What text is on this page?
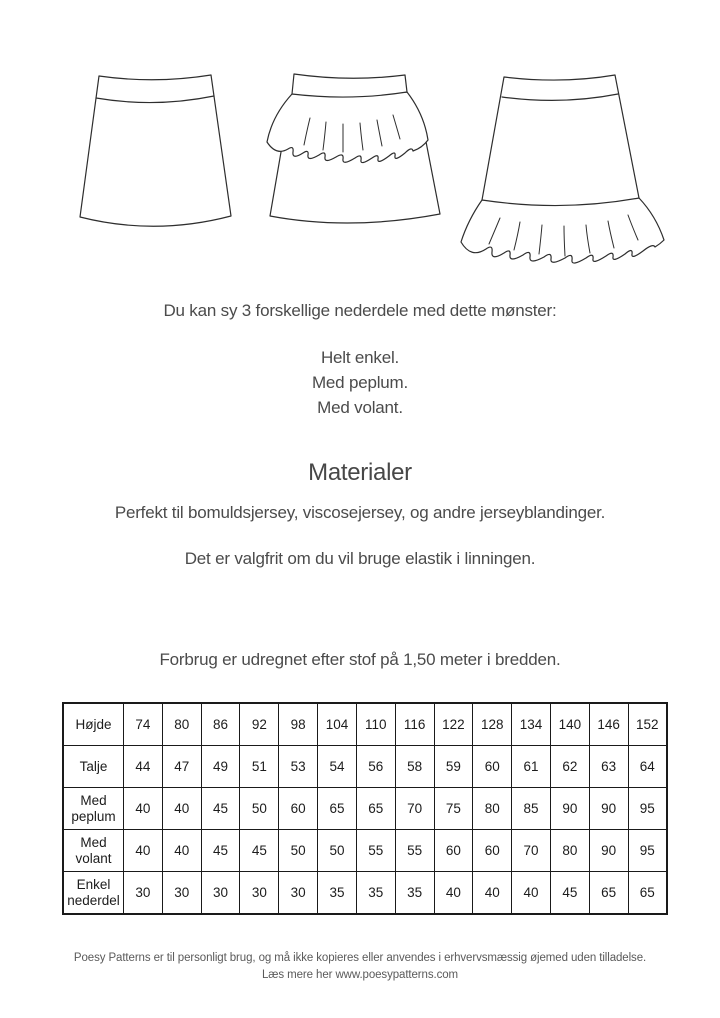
Du kan sy 3 forskellige nederdele med dette mønster:
Helt enkel.
Med peplum.
Med volant.
Materialer
Perfekt til bomuldsjersey, viscosejersey, og andre jerseyblandinger.
Det er valgfrit om du vil bruge elastik i linningen.
Forbrug er udregnet efter stof på 1,50 meter i bredden.
Højde	74	80	86	92	98	104	110	116	122	128	134	140	146	152
Talje	44	47	49	51	53	54	56	58	59	60	61	62	63	64
Med peplum	40	40	45	50	60	65	65	70	75	80	85	90	90	95
Med volant	40	40	45	45	50	50	55	55	60	60	70	80	90	95
Enkel nederdel	30	30	30	30	30	35	35	35	40	40	40	45	65	65
Poesy Patterns er til personligt brug, og må ikke kopieres eller anvendes i erhvervsmæssig øjemed uden tilladelse.
Læs mere her www.poesypatterns.com
